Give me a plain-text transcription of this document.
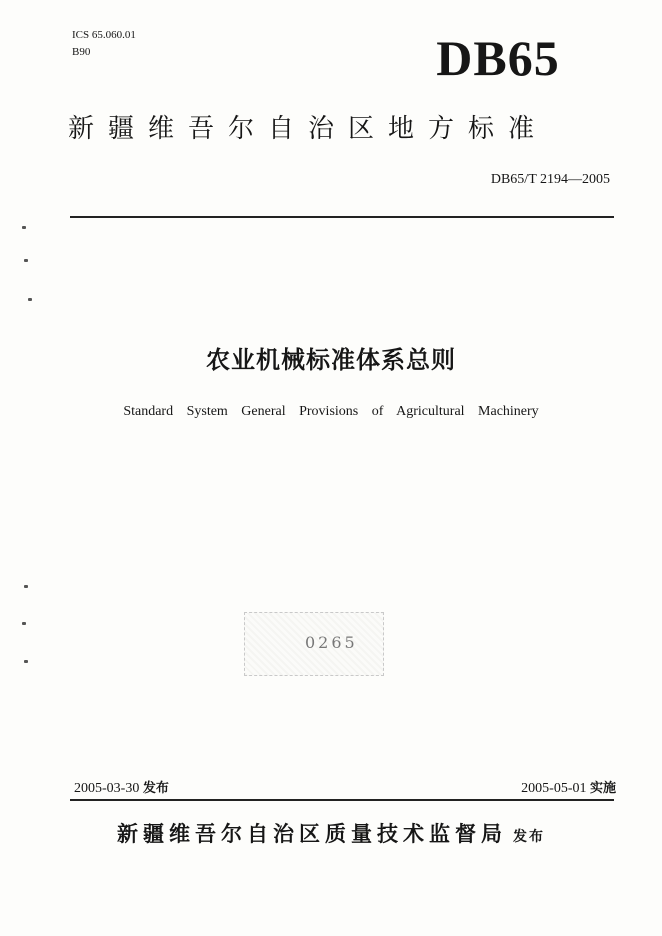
ICS 65.060.01
B90	DB65
新疆维吾尔自治区地方标准
DB65/T 2194—2005
农业机械标准体系总则
Standard System General Provisions of Agricultural Machinery
0265
2005-03-30 发布	2005-05-01 实施
新疆维吾尔自治区质量技术监督局 发布
